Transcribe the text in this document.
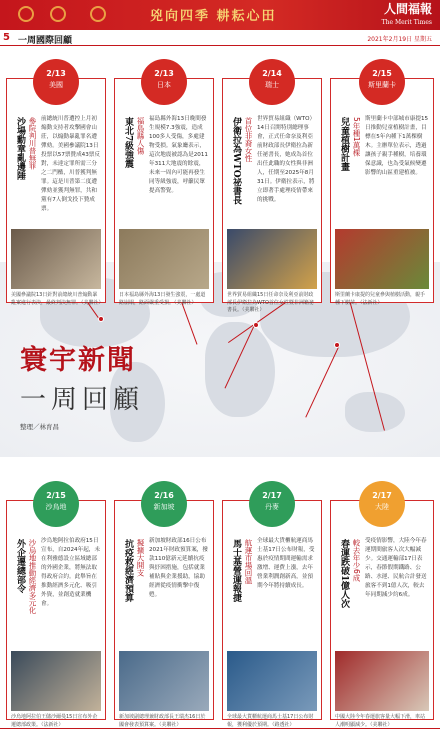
兇向四季 耕耘心田	人間福報
The Merit Times
5 一周國際回顧	2021年2月19日 星期五
寰宇新聞
一周回顧
整理／林育昌
2/13
美國
沙場勳章亂邊陲 參院判川普無罪 前總統川普遭控上月初煽動支持者攻擊國會山莊，以煽動暴亂罪名遭彈劾。美國參議院13日投票以57票贊成43票反對，未達定罪所需三分之二門檻，川普獲判無罪。這是川普第二度遭彈劾並獲判無罪，共和黨有7人倒戈投下贊成票。
美國參議院13日針對前總統川普煽動暴亂案進行表決，最終判決無罪。（美聯社）
2/13
日本
東北7級強震 福島縣人傷 福島縣外海13日晚間發生規模7.3強震，造成100多人受傷，多處建物受損。氣象廳表示，這次地震被認為是2011年311大地震的餘震，未來一周內可能再發生同等級強震，呼籲民眾提高警覺。
日本福島縣外海13日發生強震，一處道路崩塌，路面嚴重受損。（美聯社）
2/14
瑞士
伊衛拉為WTO祕書長 首位非裔女性 世界貿易組織（WTO）14日召開特別總理事會，正式任命奈及利亞前財政部長伊衛拉為新任祕書長，她成為首位出任此職的女性與非洲人，任期至2025年8月31日。伊衛拉表示，將立即著手處理疫情帶來的挑戰。
世界貿易組織15日任命奈及利亞前財政部長伊衛拉為WTO首位女性暨非洲籍祕書長。（美聯社）
2/15
斯里蘭卡
兒童植樹計畫 5年種1萬棵 斯里蘭卡中部城市康提15日推動兒童植樹計畫，目標在5年內種下1萬棵樹木。主辦單位表示，透過讓孩子親手種樹，培養環保意識，也為受氣候變遷影響的山區重建植被。
斯里蘭卡康提的兒童參與植樹活動，親手種下樹苗。（法新社）
2/15
沙烏地
外企遷總部令 沙烏地推動經濟多元化 沙烏地阿拉伯政府15日宣布，自2024年起，未在利雅德設立區域總部的外國企業，將無法取得政府合約。此舉旨在推動經濟多元化、吸引外資，並創造就業機會。
沙烏地阿拉伯王儲沙爾曼15日宣布外企遷總部政策。（法新社）
2/16
新加坡
抗疫救經濟預算 擬擴大開支 新加坡財政部16日公布2021年財政預算案，撥款110億新元延續抗疫與紓困措施，包括就業補貼與企業援助，協助經濟從疫情衝擊中復甦。
新加坡副總理兼財政部長王瑞杰16日於國會發表預算案。（美聯社）
2/17
丹麥
馬士基營運報捷 航運市場回溫 全球最大貨櫃航運商馬士基17日公布財報，受惠於疫情期間運輸需求激增、運費上漲，去年營業利潤創新高，並預期今年將持續成長。
全球最大貨櫃航運商馬士基17日公布財報，獲利優於預期。（路透社）
2/17
大陸
春運跌破1億人次 較去年少6成 受疫情影響，大陸今年春運期間旅客人次大幅減少。交通運輸部17日表示，春節假期鐵路、公路、水運、民航合計發送旅客不到1億人次，較去年同期減少約6成。
中國大陸今年春運旅客量大幅下滑，車站人潮明顯減少。（美聯社）
